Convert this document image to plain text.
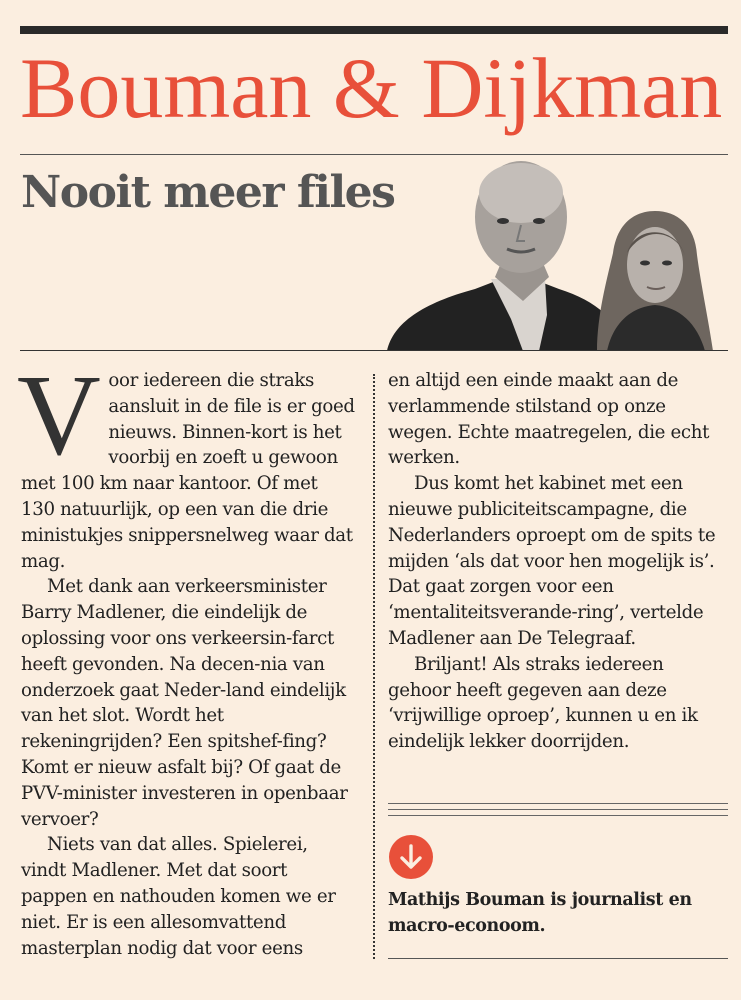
Bouman & Dijkman
Nooit meer files
V oor iedereen die straks aansluit in de file is er goed nieuws. Binnen-kort is het voorbij en zoeft u gewoon met 100 km naar kantoor. Of met 130 natuurlijk, op een van die drie ministukjes snippersnelweg waar dat mag.

Met dank aan verkeersminister Barry Madlener, die eindelijk de oplossing voor ons verkeersin-farct heeft gevonden. Na decen-nia van onderzoek gaat Neder-land eindelijk van het slot. Wordt het rekeningrijden? Een spitshef-fing? Komt er nieuw asfalt bij? Of gaat de PVV-minister investeren in openbaar vervoer?

Niets van dat alles. Spielerei, vindt Madlener. Met dat soort pappen en nathouden komen we er niet. Er is een allesomvattend masterplan nodig dat voor eens

en altijd een einde maakt aan de verlammende stilstand op onze wegen. Echte maatregelen, die echt werken.

Dus komt het kabinet met een nieuwe publiciteitscampagne, die Nederlanders oproept om de spits te mijden ‘als dat voor hen mogelijk is’. Dat gaat zorgen voor een ‘mentaliteitsverande-ring’, vertelde Madlener aan De Telegraaf.

Briljant! Als straks iedereen gehoor heeft gegeven aan deze ‘vrijwillige oproep’, kunnen u en ik eindelijk lekker doorrijden.

Mathijs Bouman is journalist en macro-econoom.
